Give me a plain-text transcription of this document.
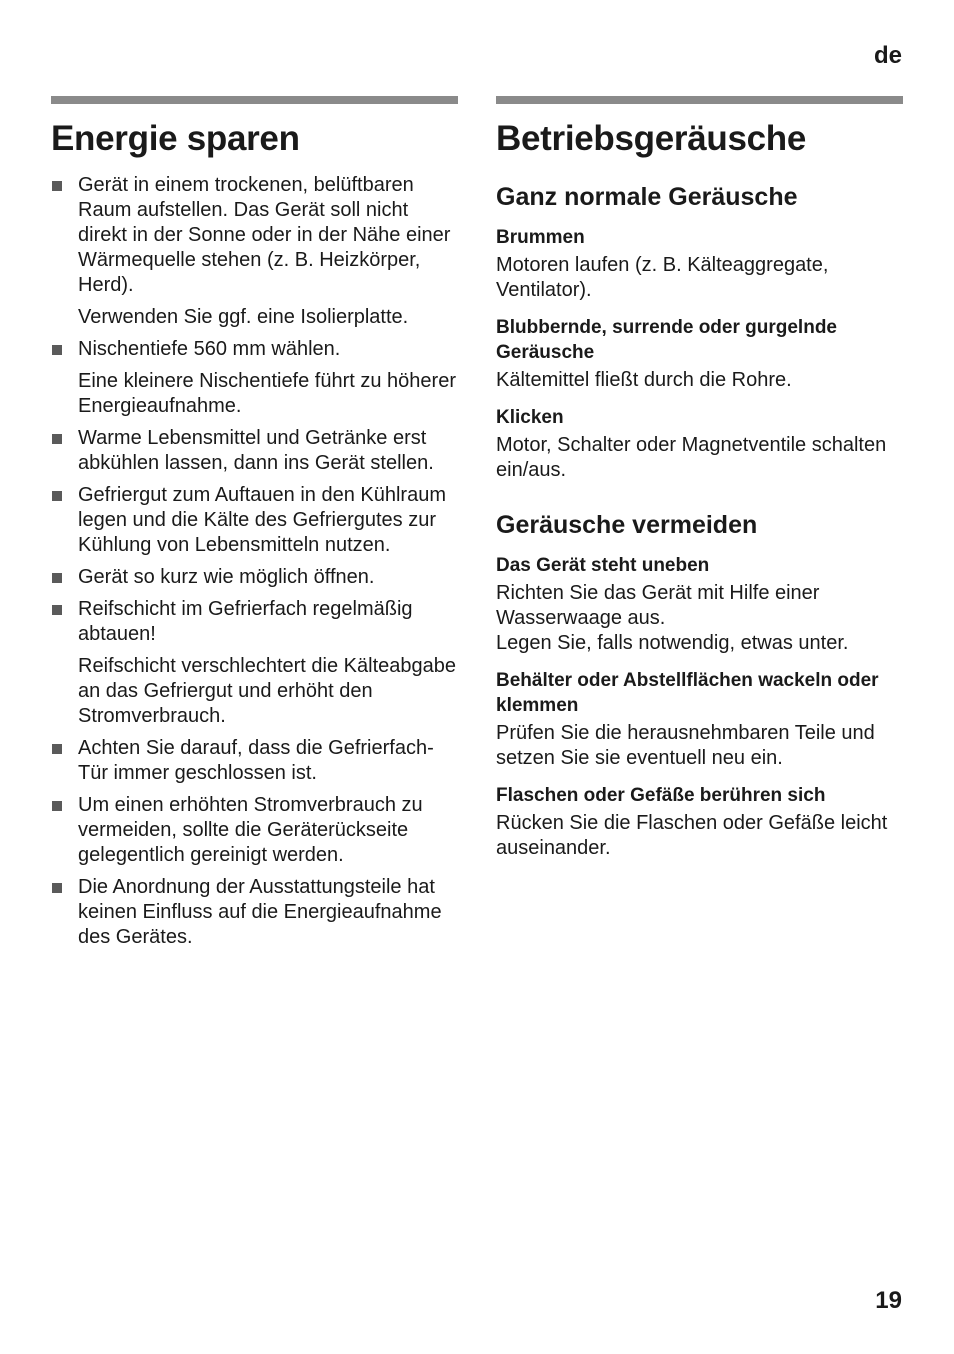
de
Energie sparen

Gerät in einem trockenen, belüftbaren Raum aufstellen. Das Gerät soll nicht direkt in der Sonne oder in der Nähe einer Wärmequelle stehen (z. B. Heizkörper, Herd).

Verwenden Sie ggf. eine Isolierplatte.

Nischentiefe 560 mm wählen.

Eine kleinere Nischentiefe führt zu höherer Energieaufnahme.

Warme Lebensmittel und Getränke erst abkühlen lassen, dann ins Gerät stellen.

Gefriergut zum Auftauen in den Kühlraum legen und die Kälte des Gefriergutes zur Kühlung von Lebensmitteln nutzen.

Gerät so kurz wie möglich öffnen.

Reifschicht im Gefrierfach regelmäßig abtauen!

Reifschicht verschlechtert die Kälteabgabe an das Gefriergut und erhöht den Stromverbrauch.

Achten Sie darauf, dass die Gefrierfach-Tür immer geschlossen ist.

Um einen erhöhten Stromverbrauch zu vermeiden, sollte die Geräterückseite gelegentlich gereinigt werden.

Die Anordnung der Ausstattungsteile hat keinen Einfluss auf die Energieaufnahme des Gerätes.

Betriebsgeräusche
Ganz normale Geräusche
Brummen

Motoren laufen (z. B. Kälteaggregate, Ventilator).

Blubbernde, surrende oder gurgelnde Geräusche

Kältemittel fließt durch die Rohre.

Klicken

Motor, Schalter oder Magnetventile schalten ein/aus.

Geräusche vermeiden
Das Gerät steht uneben

Richten Sie das Gerät mit Hilfe einer Wasserwaage aus.

Legen Sie, falls notwendig, etwas unter.

Behälter oder Abstellflächen wackeln oder klemmen

Prüfen Sie die herausnehmbaren Teile und setzen Sie sie eventuell neu ein.

Flaschen oder Gefäße berühren sich

Rücken Sie die Flaschen oder Gefäße leicht auseinander.

19
